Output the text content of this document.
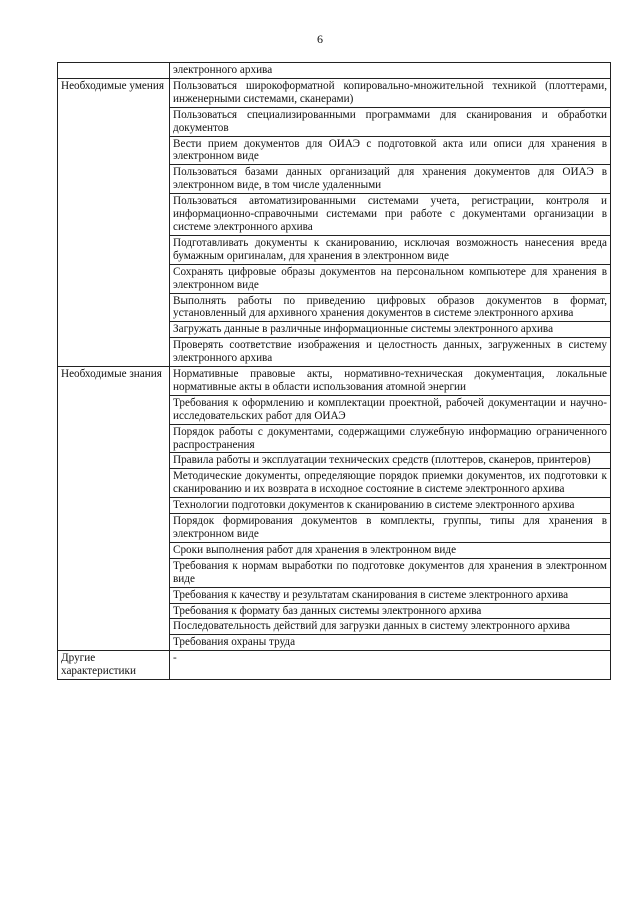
6
	электронного архива
Необходимые умения	Пользоваться широкоформатной копировально-множительной техникой (плоттерами, инженерными системами, сканерами)
	Пользоваться специализированными программами для сканирования и обработки документов
	Вести прием документов для ОИАЭ с подготовкой акта или описи для хранения в электронном виде
	Пользоваться базами данных организаций для хранения документов для ОИАЭ в электронном виде, в том числе удаленными
	Пользоваться автоматизированными системами учета, регистрации, контроля и информационно-справочными системами при работе с документами организации в системе электронного архива
	Подготавливать документы к сканированию, исключая возможность нанесения вреда бумажным оригиналам, для хранения в электронном виде
	Сохранять цифровые образы документов на персональном компьютере для хранения в электронном виде
	Выполнять работы по приведению цифровых образов документов в формат, установленный для архивного хранения документов в системе электронного архива
	Загружать данные в различные информационные системы электронного архива
	Проверять соответствие изображения и целостность данных, загруженных в систему электронного архива
Необходимые знания	Нормативные правовые акты, нормативно-техническая документация, локальные нормативные акты в области использования атомной энергии
	Требования к оформлению и комплектации проектной, рабочей документации и научно-исследовательских работ для ОИАЭ
	Порядок работы с документами, содержащими служебную информацию ограниченного распространения
	Правила работы и эксплуатации технических средств (плоттеров, сканеров, принтеров)
	Методические документы, определяющие порядок приемки документов, их подготовки к сканированию и их возврата в исходное состояние в системе электронного архива
	Технологии подготовки документов к сканированию в системе электронного архива
	Порядок формирования документов в комплекты, группы, типы для хранения в электронном виде
	Сроки выполнения работ для хранения в электронном виде
	Требования к нормам выработки по подготовке документов для хранения в электронном виде
	Требования к качеству и результатам сканирования в системе электронного архива
	Требования к формату баз данных системы электронного архива
	Последовательность действий для загрузки данных в систему электронного архива
	Требования охраны труда
Другие характеристики	-
